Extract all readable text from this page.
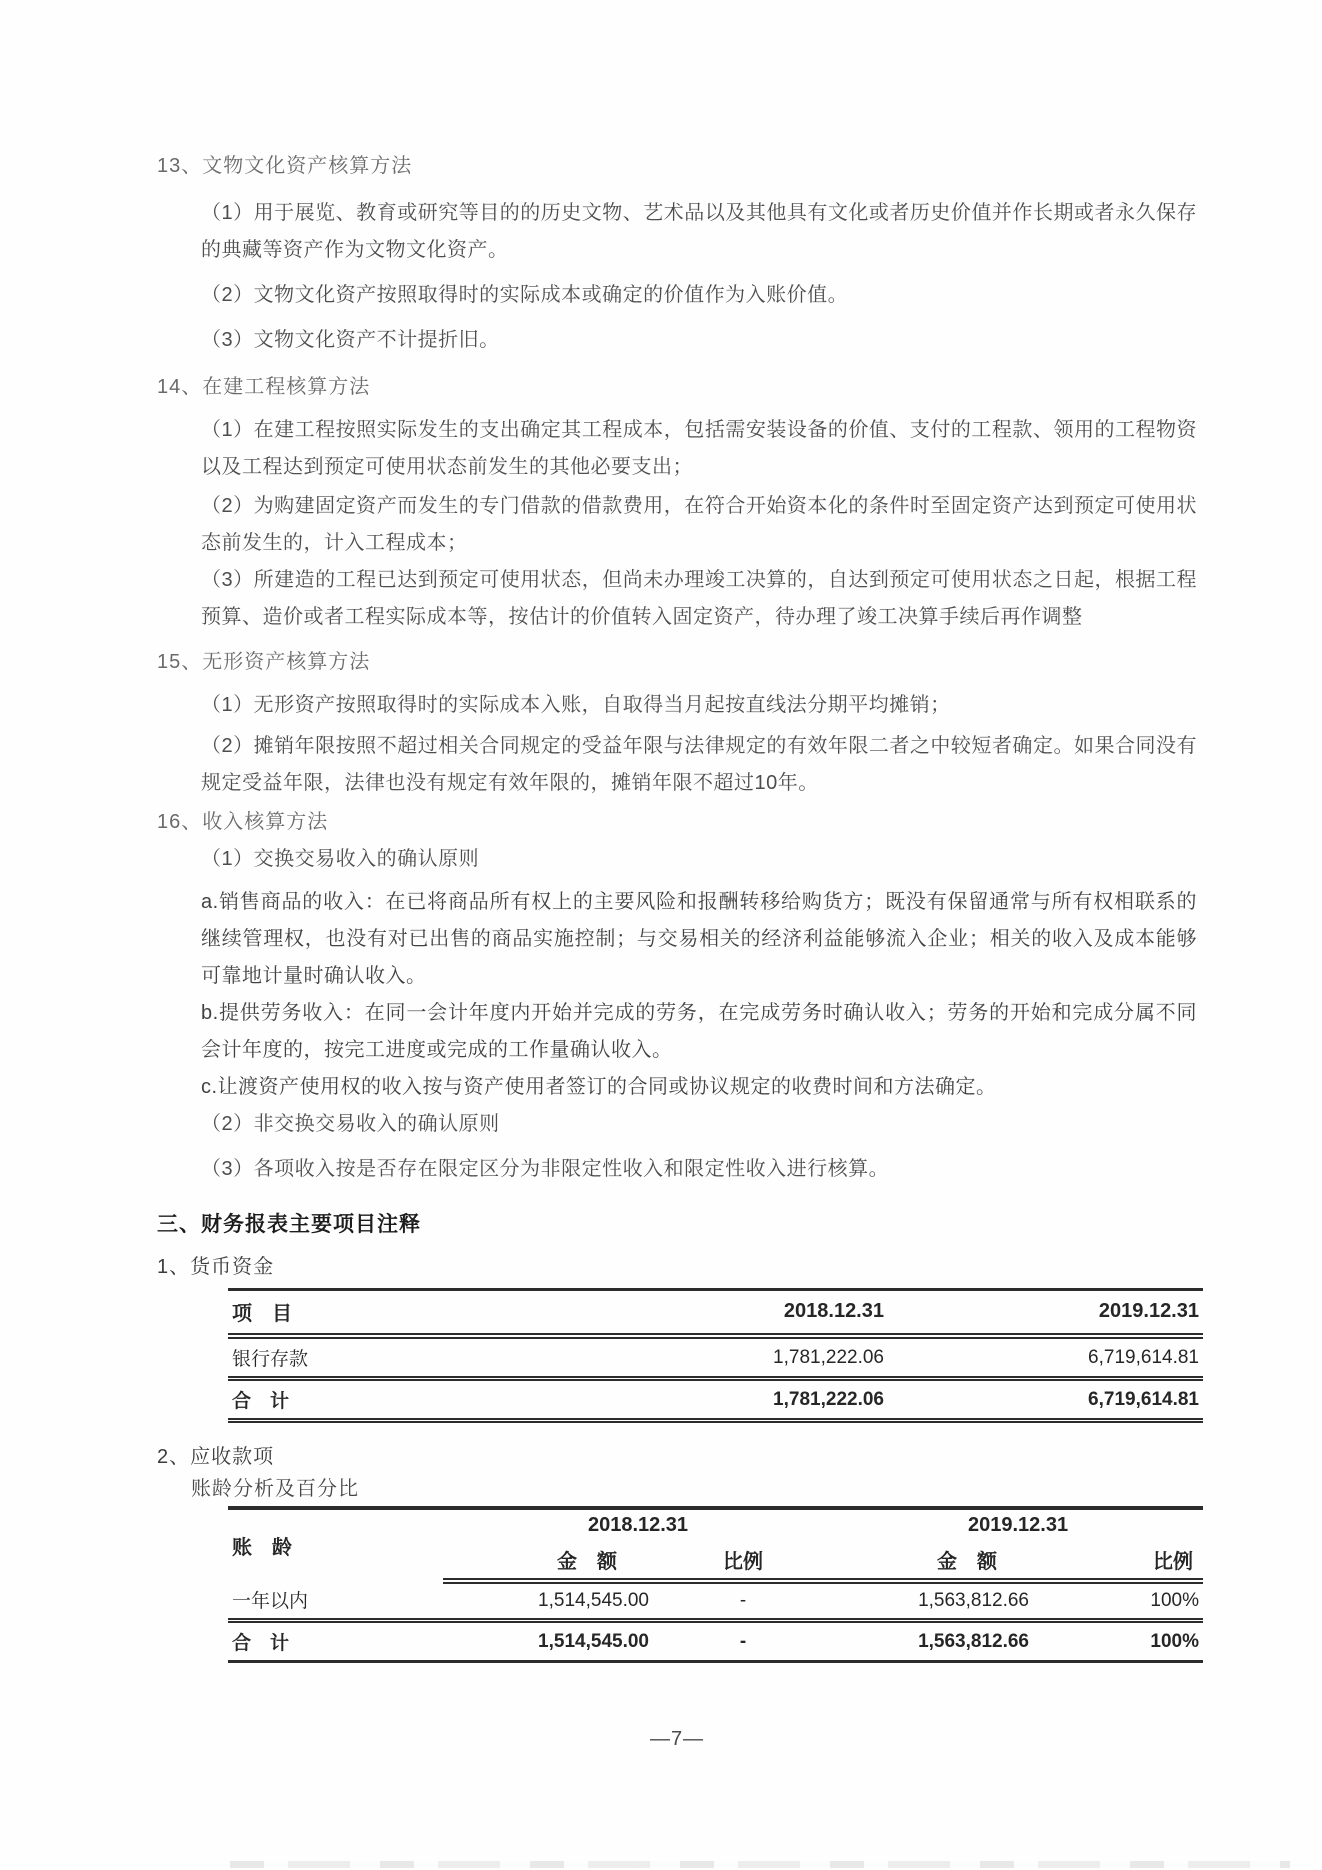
13、文物文化资产核算方法
（1）用于展览、教育或研究等目的的历史文物、艺术品以及其他具有文化或者历史价值并作长期或者永久保存的典藏等资产作为文物文化资产。
（2）文物文化资产按照取得时的实际成本或确定的价值作为入账价值。
（3）文物文化资产不计提折旧。
14、在建工程核算方法
（1）在建工程按照实际发生的支出确定其工程成本，包括需安装设备的价值、支付的工程款、领用的工程物资以及工程达到预定可使用状态前发生的其他必要支出；
（2）为购建固定资产而发生的专门借款的借款费用，在符合开始资本化的条件时至固定资产达到预定可使用状态前发生的，计入工程成本；
（3）所建造的工程已达到预定可使用状态，但尚未办理竣工决算的，自达到预定可使用状态之日起，根据工程预算、造价或者工程实际成本等，按估计的价值转入固定资产，待办理了竣工决算手续后再作调整
15、无形资产核算方法
（1）无形资产按照取得时的实际成本入账，自取得当月起按直线法分期平均摊销；
（2）摊销年限按照不超过相关合同规定的受益年限与法律规定的有效年限二者之中较短者确定。如果合同没有规定受益年限，法律也没有规定有效年限的，摊销年限不超过10年。
16、收入核算方法
（1）交换交易收入的确认原则
a.销售商品的收入：在已将商品所有权上的主要风险和报酬转移给购货方；既没有保留通常与所有权相联系的继续管理权，也没有对已出售的商品实施控制；与交易相关的经济利益能够流入企业；相关的收入及成本能够可靠地计量时确认收入。
b.提供劳务收入：在同一会计年度内开始并完成的劳务，在完成劳务时确认收入；劳务的开始和完成分属不同会计年度的，按完工进度或完成的工作量确认收入。
c.让渡资产使用权的收入按与资产使用者签订的合同或协议规定的收费时间和方法确定。
（2）非交换交易收入的确认原则
（3）各项收入按是否存在限定区分为非限定性收入和限定性收入进行核算。
三、财务报表主要项目注释
1、货币资金
项　目	2018.12.31	2019.12.31
银行存款	1,781,222.06	6,719,614.81
合　计	1,781,222.06	6,719,614.81
2、应收款项
账龄分析及百分比
账　龄	2018.12.31		2019.12.31	
	金　额	比例	金　额	比例
一年以内	1,514,545.00	-	1,563,812.66	100%
合　计	1,514,545.00	-	1,563,812.66	100%
—7—
